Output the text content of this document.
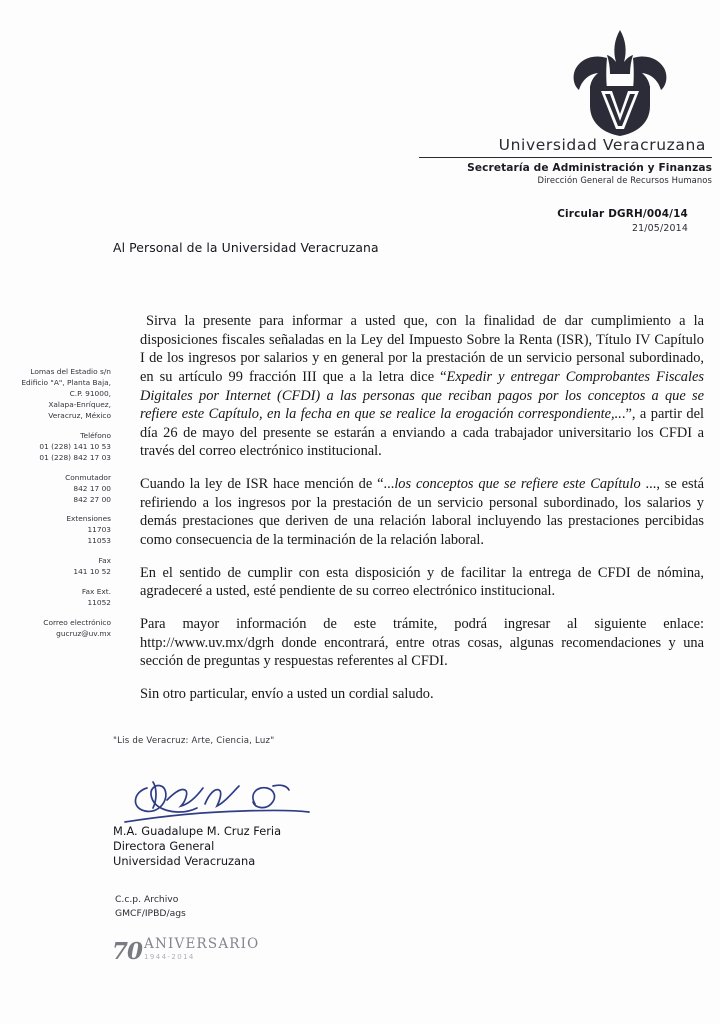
Universidad Veracruzana
Secretaría de Administración y Finanzas
Dirección General de Recursos Humanos
Circular DGRH/004/14
21/05/2014
Al Personal de la Universidad Veracruzana
Lomas del Estadio s/n
Edificio "A", Planta Baja,
C.P. 91000,
Xalapa-Enríquez,
Veracruz, México
Teléfono
01 (228) 141 10 53
01 (228) 842 17 03
Conmutador
842 17 00
842 27 00
Extensiones
11703
11053
Fax
141 10 52
Fax Ext.
11052
Correo electrónico
gucruz@uv.mx

Sirva la presente para informar a usted que, con la finalidad de dar cumplimiento a la disposiciones fiscales señaladas en la Ley del Impuesto Sobre la Renta (ISR), Título IV Capítulo I de los ingresos por salarios y en general por la prestación de un servicio personal subordinado, en su artículo 99 fracción III que a la letra dice “Expedir y entregar Comprobantes Fiscales Digitales por Internet (CFDI) a las personas que reciban pagos por los conceptos a que se refiere este Capítulo, en la fecha en que se realice la erogación correspondiente,...”, a partir del día 26 de mayo del presente se estarán a enviando a cada trabajador universitario los CFDI a través del correo electrónico institucional.

Cuando la ley de ISR hace mención de “...los conceptos que se refiere este Capítulo ..., se está refiriendo a los ingresos por la prestación de un servicio personal subordinado, los salarios y demás prestaciones que deriven de una relación laboral incluyendo las prestaciones percibidas como consecuencia de la terminación de la relación laboral.

En el sentido de cumplir con esta disposición y de facilitar la entrega de CFDI de nómina, agradeceré a usted, esté pendiente de su correo electrónico institucional.

Para mayor información de este trámite, podrá ingresar al siguiente enlace: http://www.uv.mx/dgrh donde encontrará, entre otras cosas, algunas recomendaciones y una sección de preguntas y respuestas referentes al CFDI.

Sin otro particular, envío a usted un cordial saludo.

"Lis de Veracruz: Arte, Ciencia, Luz"
M.A. Guadalupe M. Cruz Feria
Directora General
Universidad Veracruzana
C.c.p. Archivo
GMCF/IPBD/ags
70 ANIVERSARIO
1944-2014
